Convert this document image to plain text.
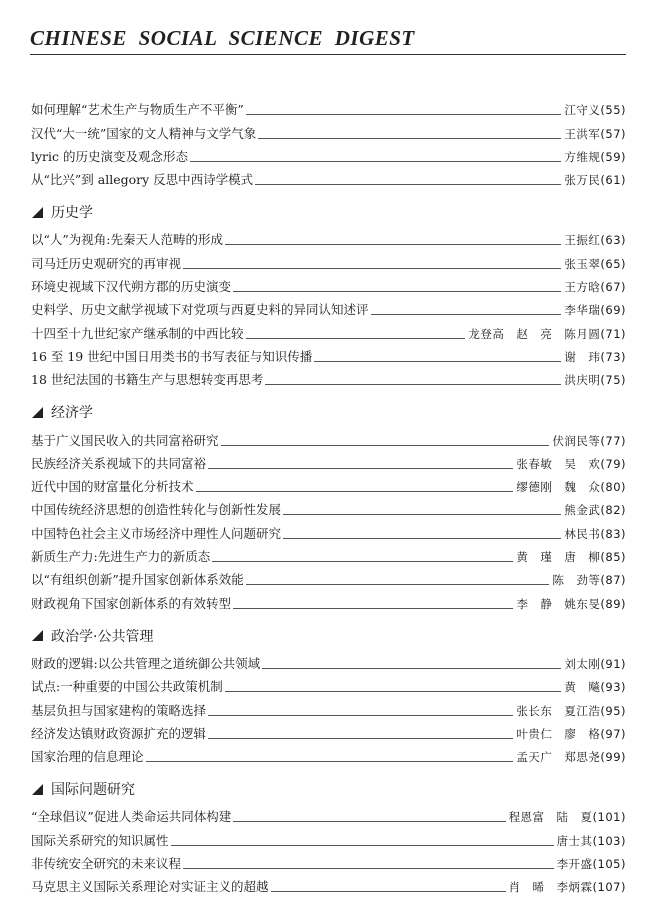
CHINESE SOCIAL SCIENCE DIGEST
如何理解“艺术生产与物质生产不平衡”	江守义(55)
汉代“大一统”国家的文人精神与文学气象	王洪军(57)
lyric 的历史演变及观念形态	方维规(59)
从“比兴”到 allegory 反思中西诗学模式	张万民(61)
历史学
以“人”为视角:先秦天人范畴的形成	王振红(63)
司马迁历史观研究的再审视	张玉翠(65)
环境史视域下汉代朔方郡的历史演变	王方晗(67)
史料学、历史文献学视域下对党项与西夏史料的异同认知述评	李华瑞(69)
十四至十九世纪家产继承制的中西比较	龙登高　赵　亮　陈月圆(71)
16 至 19 世纪中国日用类书的书写表征与知识传播	谢　玮(73)
18 世纪法国的书籍生产与思想转变再思考	洪庆明(75)
经济学
基于广义国民收入的共同富裕研究	伏润民等(77)
民族经济关系视域下的共同富裕	张春敏　吴　欢(79)
近代中国的财富量化分析技术	缪德刚　魏　众(80)
中国传统经济思想的创造性转化与创新性发展	熊金武(82)
中国特色社会主义市场经济中理性人问题研究	林民书(83)
新质生产力:先进生产力的新质态	黄　瑾　唐　柳(85)
以“有组织创新”提升国家创新体系效能	陈　劲等(87)
财政视角下国家创新体系的有效转型	李　静　姚东旻(89)
政治学·公共管理
财政的逻辑:以公共管理之道统御公共领域	刘太刚(91)
试点:一种重要的中国公共政策机制	黄　飚(93)
基层负担与国家建构的策略选择	张长东　夏江浩(95)
经济发达镇财政资源扩充的逻辑	叶贵仁　廖　格(97)
国家治理的信息理论	孟天广　郑思尧(99)
国际问题研究
“全球倡议”促进人类命运共同体构建	程恩富　陆　夏(101)
国际关系研究的知识属性	唐士其(103)
非传统安全研究的未来议程	李开盛(105)
马克思主义国际关系理论对实证主义的超越	肖　晞　李炳霖(107)
